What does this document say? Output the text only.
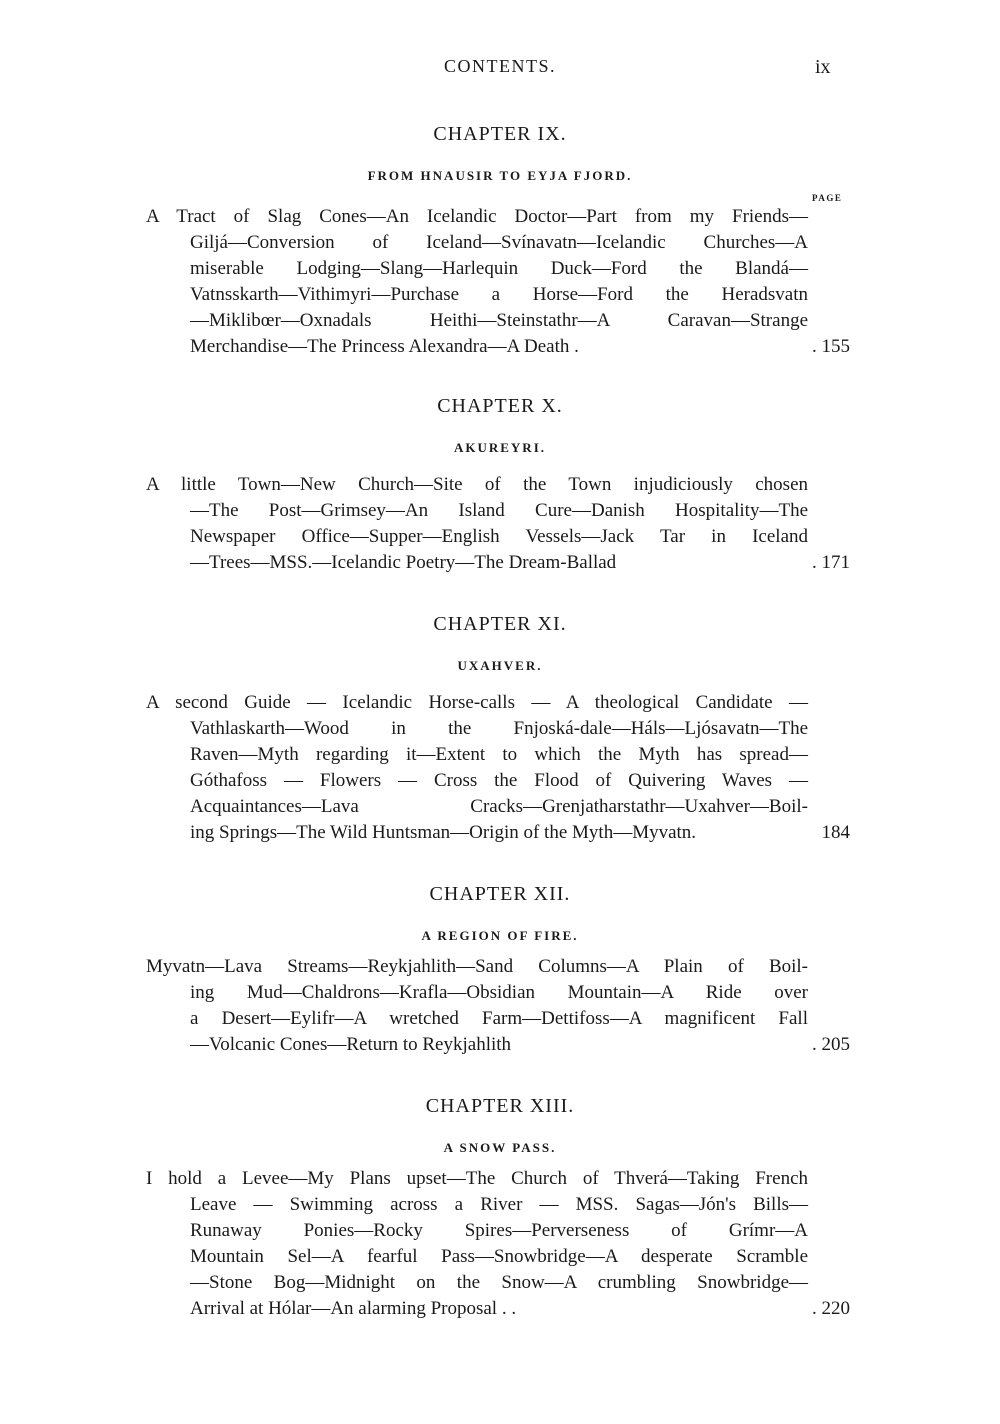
CONTENTS.	ix
CHAPTER IX.
FROM HNAUSIR TO EYJA FJORD.
PAGE
A Tract of Slag Cones—An Icelandic Doctor—Part from my Friends—
Giljá—Conversion of Iceland—Svínavatn—Icelandic Churches—A
miserable Lodging—Slang—Harlequin Duck—Ford the Blandá—
Vatnsskarth—Vithimyri—Purchase a Horse—Ford the Heradsvatn
—Miklibœr—Oxnadals Heithi—Steinstathr—A Caravan—Strange
Merchandise—The Princess Alexandra—A Death .	. 155
CHAPTER X.
AKUREYRI.
A little Town—New Church—Site of the Town injudiciously chosen
—The Post—Grimsey—An Island Cure—Danish Hospitality—The
Newspaper Office—Supper—English Vessels—Jack Tar in Iceland
—Trees—MSS.—Icelandic Poetry—The Dream-Ballad	. 171
CHAPTER XI.
UXAHVER.
A second Guide — Icelandic Horse-calls — A theological Candidate —
Vathlaskarth—Wood in the Fnjoská-dale—Háls—Ljósavatn—The
Raven—Myth regarding it—Extent to which the Myth has spread—
Góthafoss — Flowers — Cross the Flood of Quivering Waves —
Acquaintances—Lava Cracks—Grenjatharstathr—Uxahver—Boil-
ing Springs—The Wild Huntsman—Origin of the Myth—Myvatn.	184
CHAPTER XII.
A REGION OF FIRE.
Myvatn—Lava Streams—Reykjahlith—Sand Columns—A Plain of Boil-
ing Mud—Chaldrons—Krafla—Obsidian Mountain—A Ride over
a Desert—Eylifr—A wretched Farm—Dettifoss—A magnificent Fall
—Volcanic Cones—Return to Reykjahlith	. 205
CHAPTER XIII.
A SNOW PASS.
I hold a Levee—My Plans upset—The Church of Thverá—Taking French
Leave — Swimming across a River — MSS. Sagas—Jón's Bills—
Runaway Ponies—Rocky Spires—Perverseness of Grímr—A
Mountain Sel—A fearful Pass—Snowbridge—A desperate Scramble
—Stone Bog—Midnight on the Snow—A crumbling Snowbridge—
Arrival at Hólar—An alarming Proposal . .	. 220
